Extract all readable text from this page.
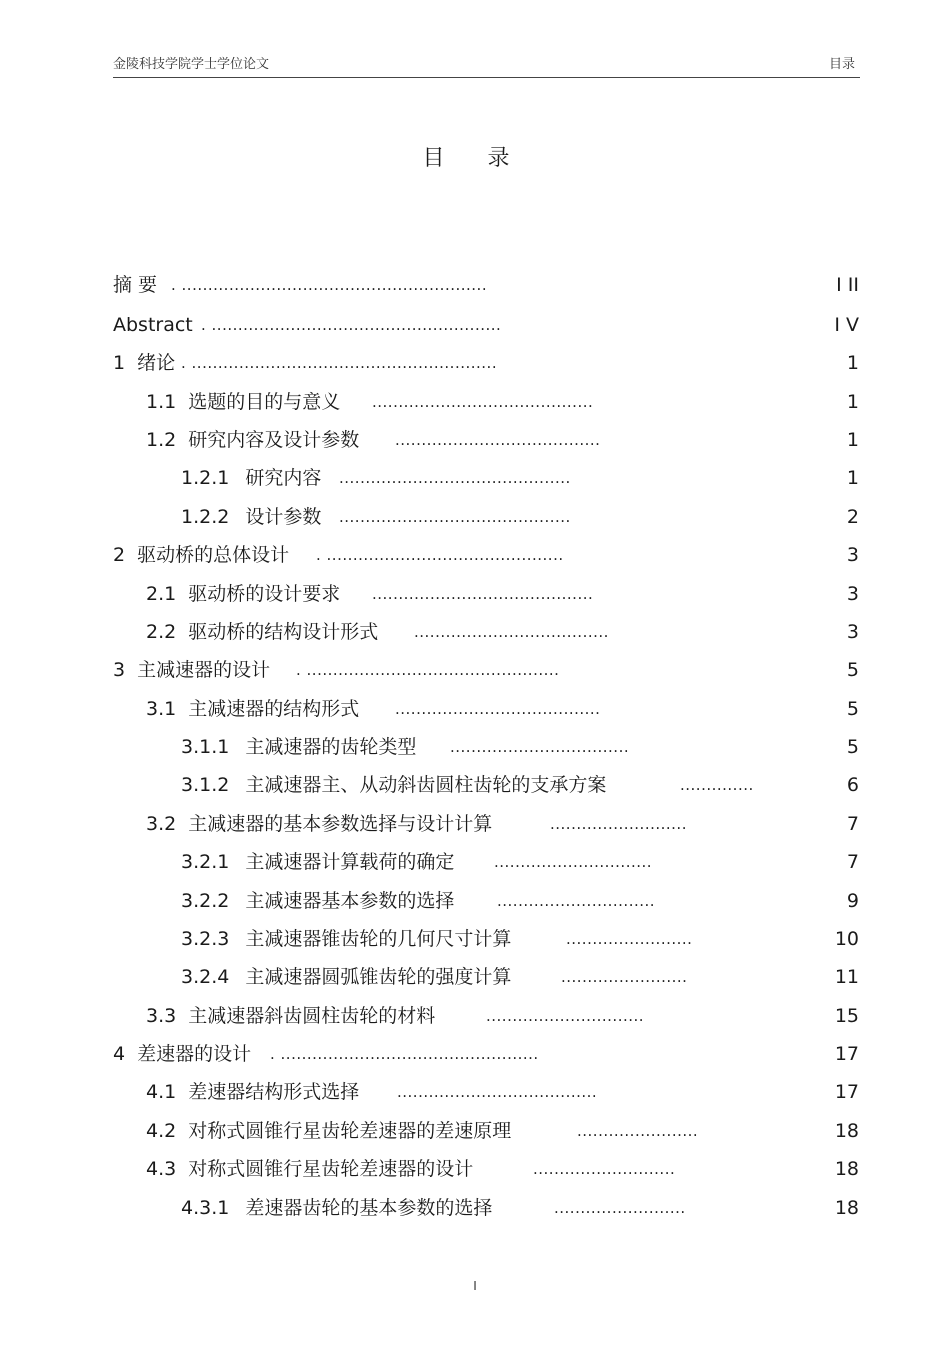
金陵科技学院学士学位论文	目录
目 录
摘 要 . ..........................................................	I II
Abstract . .......................................................	I V
1 绪论 . ..........................................................	1
1.1 选题的目的与意义 ..........................................	1
1.2 研究内容及设计参数 .......................................	1
1.2.1 研究内容 ............................................	1
1.2.2 设计参数 ............................................	2
2 驱动桥的总体设计 . .............................................	3
2.1 驱动桥的设计要求 ..........................................	3
2.2 驱动桥的结构设计形式 .....................................	3
3 主减速器的设计 . ................................................	5
3.1 主减速器的结构形式 .......................................	5
3.1.1 主减速器的齿轮类型 ..................................	5
3.1.2 主减速器主、从动斜齿圆柱齿轮的支承方案	..............	6
3.2 主减速器的基本参数选择与设计计算	..........................	7
3.2.1 主减速器计算载荷的确定	..............................	7
3.2.2 主减速器基本参数的选择	..............................	9
3.2.3 主减速器锥齿轮的几何尺寸计算	........................	10
3.2.4 主减速器圆弧锥齿轮的强度计算	........................	11
3.3 主减速器斜齿圆柱齿轮的材料	..............................	15
4 差速器的设计 . .................................................	17
4.1 差速器结构形式选择	......................................	17
4.2 对称式圆锥行星齿轮差速器的差速原理	.......................	18
4.3 对称式圆锥行星齿轮差速器的设计	...........................	18
4.3.1 差速器齿轮的基本参数的选择	.........................	18
I
